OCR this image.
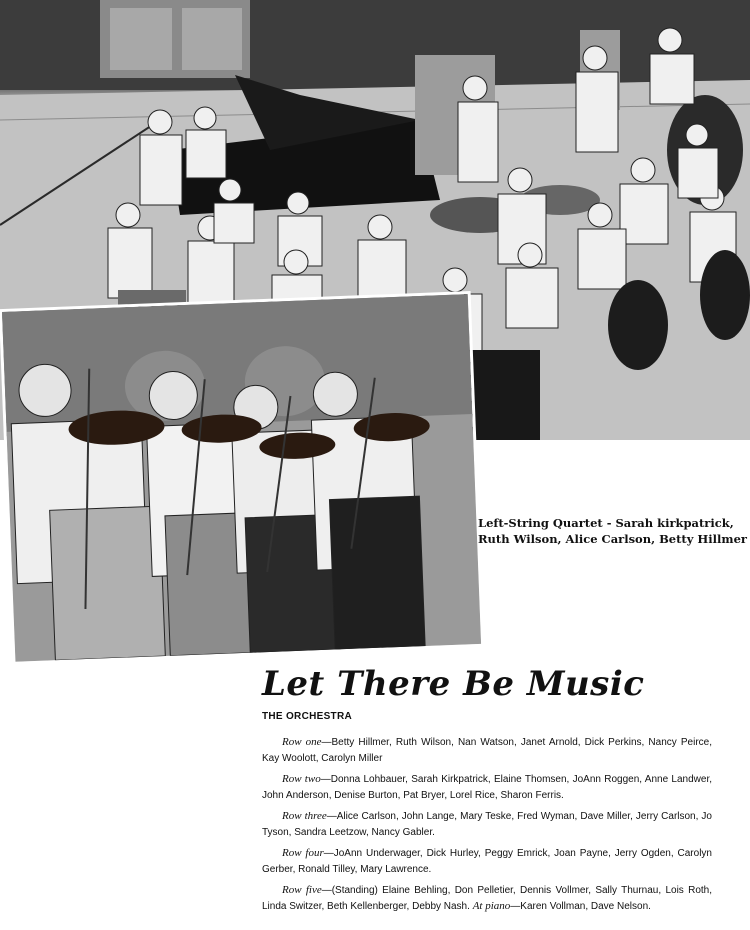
Left-String Quartet - Sarah kirkpatrick, Ruth Wilson, Alice Carlson, Betty Hillmer
Let There Be Music
THE ORCHESTRA

Row one—Betty Hillmer, Ruth Wilson, Nan Watson, Janet Arnold, Dick Perkins, Nancy Peirce, Kay Woolott, Carolyn Miller

Row two—Donna Lohbauer, Sarah Kirkpatrick, Elaine Thomsen, JoAnn Roggen, Anne Landwer, John Anderson, Denise Burton, Pat Bryer, Lorel Rice, Sharon Ferris.

Row three—Alice Carlson, John Lange, Mary Teske, Fred Wyman, Dave Miller, Jerry Carlson, Jo Tyson, Sandra Leetzow, Nancy Gabler.

Row four—JoAnn Underwager, Dick Hurley, Peggy Emrick, Joan Payne, Jerry Ogden, Carolyn Gerber, Ronald Tilley, Mary Lawrence.

Row five—(Standing) Elaine Behling, Don Pelletier, Dennis Vollmer, Sally Thurnau, Lois Roth, Linda Switzer, Beth Kellenberger, Debby Nash. At piano—Karen Vollman, Dave Nelson.
